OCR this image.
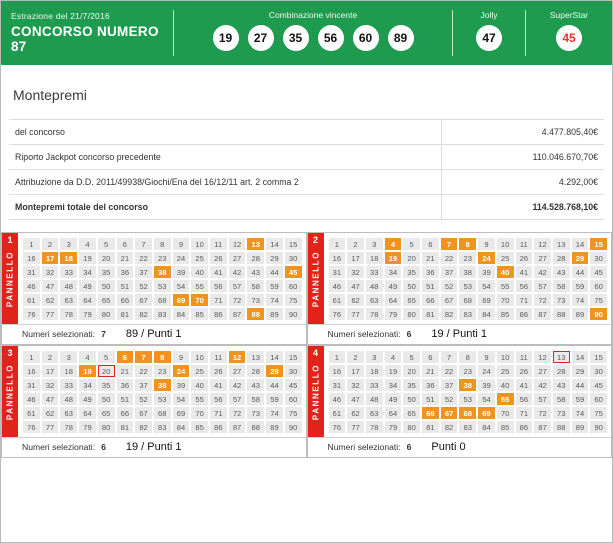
Estrazione del 21/7/2016
CONCORSO NUMERO 87
Combinazione vincente
19	27	35	56	60	89
Jolly
47
SuperStar
45
Montepremi
del concorso	4.477.805,40€
Riporto Jackpot concorso precedente	110.046.670,70€
Attribuzione da D.D. 2011/49938/Giochi/Ena del 16/12/11 art. 2 comma 2	4.292,00€
Montepremi totale del concorso	114.528.768,10€
1
PANNELLO
1	2	3	4	5	6	7	8	9	10	11	12	13	14	15
16	17	18	19	20	21	22	23	24	25	26	27	28	29	30
31	32	33	34	35	36	37	38	39	40	41	42	43	44	45
46	47	48	49	50	51	52	53	54	55	56	57	58	59	60
61	62	63	64	65	66	67	68	69	70	71	72	73	74	75
76	77	78	79	80	81	82	83	84	85	86	87	88	89	90
Numeri selezionati: 7 89 / Punti 1
2
PANNELLO
1	2	3	4	5	6	7	8	9	10	11	12	13	14	15
16	17	18	19	20	21	22	23	24	25	26	27	28	29	30
31	32	33	34	35	36	37	38	39	40	41	42	43	44	45
46	47	48	49	50	51	52	53	54	55	56	57	58	59	60
61	62	63	64	65	66	67	68	69	70	71	72	73	74	75
76	77	78	79	80	81	82	83	84	85	86	87	88	89	90
Numeri selezionati: 6 19 / Punti 1
3
PANNELLO
1	2	3	4	5	6	7	8	9	10	11	12	13	14	15
16	17	18	19	20	21	22	23	24	25	26	27	28	29	30
31	32	33	34	35	36	37	38	39	40	41	42	43	44	45
46	47	48	49	50	51	52	53	54	55	56	57	58	59	60
61	62	63	64	65	66	67	68	69	70	71	72	73	74	75
76	77	78	79	80	81	82	83	84	85	86	87	88	89	90
Numeri selezionati: 6 19 / Punti 1
4
PANNELLO
1	2	3	4	5	6	7	8	9	10	11	12	13	14	15
16	17	18	19	20	21	22	23	24	25	26	27	28	29	30
31	32	33	34	35	36	37	38	39	40	41	42	43	44	45
46	47	48	49	50	51	52	53	54	55	56	57	58	59	60
61	62	63	64	65	66	67	68	69	70	71	72	73	74	75
76	77	78	79	80	81	82	83	84	85	86	87	88	89	90
Numeri selezionati: 6 Punti 0
